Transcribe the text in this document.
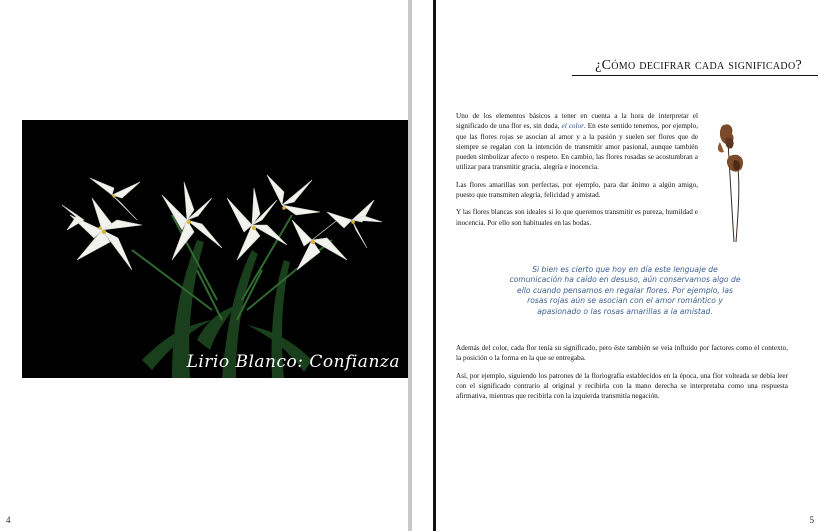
Lirio Blanco: Confianza
4
¿Cómo decifrar cada significado?

Uno de los elementos básicos a tener en cuenta a la hora de interpretar el significado de una flor es, sin duda, el color. En este sentido tenemos, por ejemplo, que las flores rojas se asocian al amor y a la pasión y suelen ser flores que de siempre se regalan con la intención de transmitir amor pasional, aunque también pueden simbolizar afecto o respeto. En cambio, las flores rosadas se acostumbran a utilizar para transmitir gracia, alegría e inocencia.

Las flores amarillas son perfectas, por ejemplo, para dar ánimo a algún amigo, puesto que transmiten alegría, felicidad y amistad.

Y las flores blancas son ideales si lo que queremos transmitir es pureza, humildad e inocencia. Por ello son habituales en las bodas.

Si bien es cierto que hoy en día este lenguaje de comunicación ha caído en desuso, aún conservamos algo de ello cuando pensamos en regalar flores. Por ejemplo, las rosas rojas aún se asocian con el amor romántico y apasionado o las rosas amarillas a la amistad.

Además del color, cada flor tenía su significado, pero éste también se veía influido por factores como el contexto, la posición o la forma en la que se entregaba.

Así, por ejemplo, siguiendo los patrones de la floriografía establecidos en la época, una flor volteada se debía leer con el significado contrario al original y recibirla con la mano derecha se interpretaba como una respuesta afirmativa, mientras que recibirla con la izquierda transmitía negación.

5
